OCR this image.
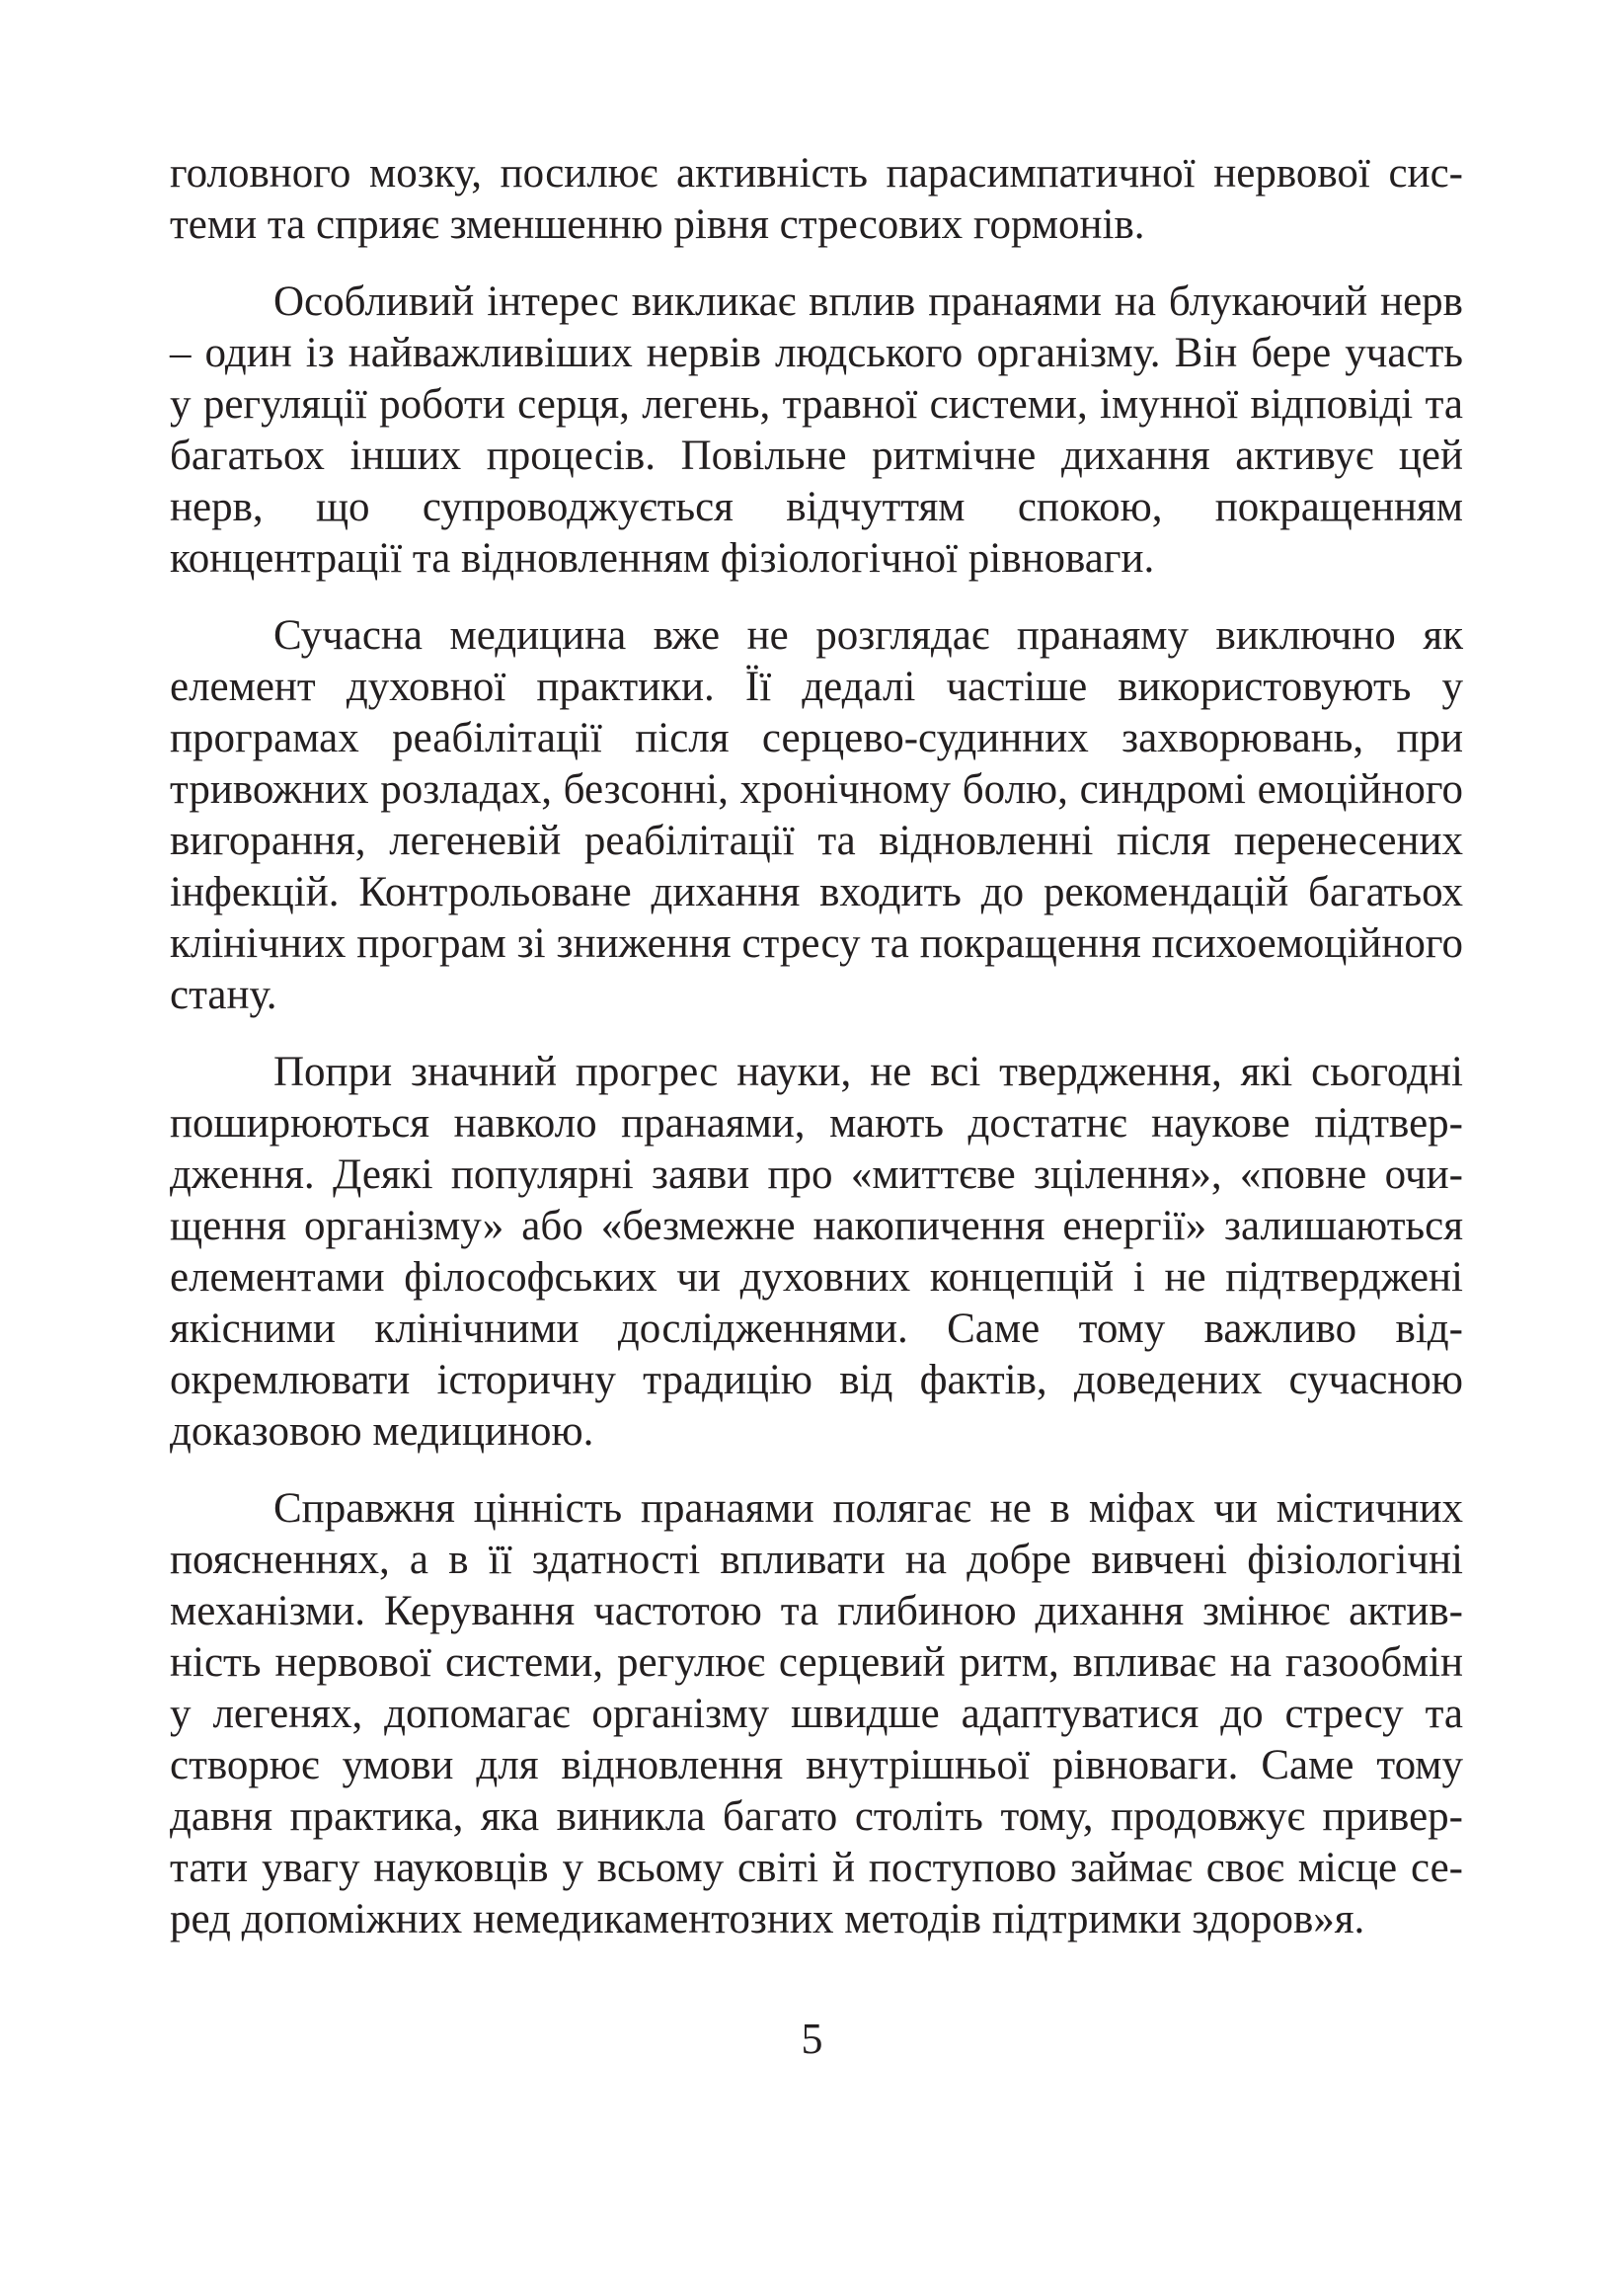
головного мозку, посилює активність парасимпатичної нервової системи та сприяє зменшенню рівня стресових гормонів.

Особливий інтерес викликає вплив пранаями на блукаючий нерв – один із найважливіших нервів людського організму. Він бере участь у регуляції роботи серця, легень, травної системи, імунної відповіді та багатьох інших процесів. Повільне ритмічне дихання активує цей нерв, що супроводжується відчуттям спокою, покращенням концентрації та відновленням фізіологічної рівноваги.

Сучасна медицина вже не розглядає пранаяму виключно як елемент духовної практики. Її дедалі частіше використовують у програмах реабілітації після серцево-судинних захворювань, при тривожних розладах, безсонні, хронічному болю, синдромі емоційного вигорання, легеневій реабілітації та відновленні після перенесених інфекцій. Контрольоване дихання входить до рекомендацій багатьох клінічних програм зі зниження стресу та покращення психоемоційного стану.

Попри значний прогрес науки, не всі твердження, які сьогодні поширюються навколо пранаями, мають достатнє наукове підтвердження. Деякі популярні заяви про «миттєве зцілення», «повне очищення організму» або «безмежне накопичення енергії» залишаються елементами філософських чи духовних концепцій і не підтверджені якісними клінічними дослідженнями. Саме тому важливо відокремлювати історичну традицію від фактів, доведених сучасною доказовою медициною.

Справжня цінність пранаями полягає не в міфах чи містичних поясненнях, а в її здатності впливати на добре вивчені фізіологічні механізми. Керування частотою та глибиною дихання змінює активність нервової системи, регулює серцевий ритм, впливає на газообмін у легенях, допомагає організму швидше адаптуватися до стресу та створює умови для відновлення внутрішньої рівноваги. Саме тому давня практика, яка виникла багато століть тому, продовжує привертати увагу науковців у всьому світі й поступово займає своє місце серед допоміжних немедикаментозних методів підтримки здоров»я.

5
